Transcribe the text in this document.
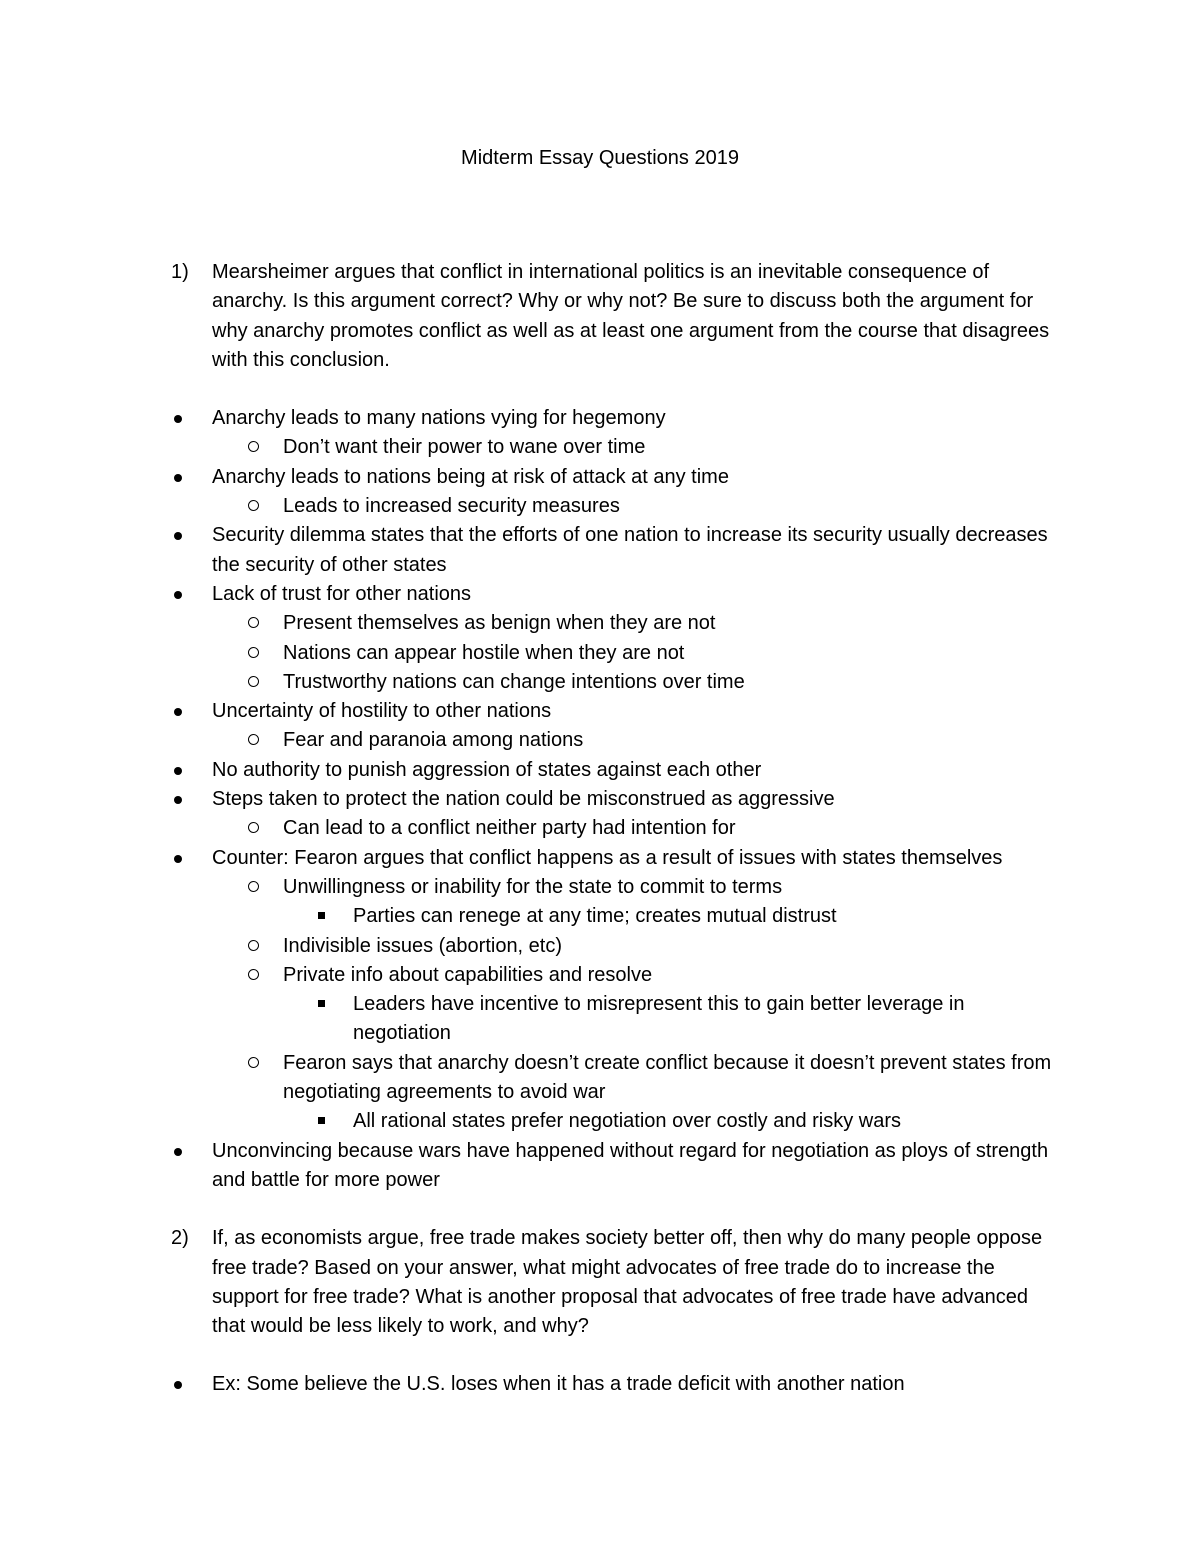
Midterm Essay Questions 2019
1) Mearsheimer argues that conflict in international politics is an inevitable consequence of anarchy. Is this argument correct? Why or why not? Be sure to discuss both the argument for why anarchy promotes conflict as well as at least one argument from the course that disagrees with this conclusion.
Anarchy leads to many nations vying for hegemony
Don’t want their power to wane over time
Anarchy leads to nations being at risk of attack at any time
Leads to increased security measures
Security dilemma states that the efforts of one nation to increase its security usually decreases the security of other states
Lack of trust for other nations
Present themselves as benign when they are not
Nations can appear hostile when they are not
Trustworthy nations can change intentions over time
Uncertainty of hostility to other nations
Fear and paranoia among nations
No authority to punish aggression of states against each other
Steps taken to protect the nation could be misconstrued as aggressive
Can lead to a conflict neither party had intention for
Counter: Fearon argues that conflict happens as a result of issues with states themselves
Unwillingness or inability for the state to commit to terms
Parties can renege at any time; creates mutual distrust
Indivisible issues (abortion, etc)
Private info about capabilities and resolve
Leaders have incentive to misrepresent this to gain better leverage in negotiation
Fearon says that anarchy doesn’t create conflict because it doesn’t prevent states from negotiating agreements to avoid war
All rational states prefer negotiation over costly and risky wars
Unconvincing because wars have happened without regard for negotiation as ploys of strength and battle for more power
2) If, as economists argue, free trade makes society better off, then why do many people oppose free trade? Based on your answer, what might advocates of free trade do to increase the support for free trade? What is another proposal that advocates of free trade have advanced that would be less likely to work, and why?
Ex: Some believe the U.S. loses when it has a trade deficit with another nation
